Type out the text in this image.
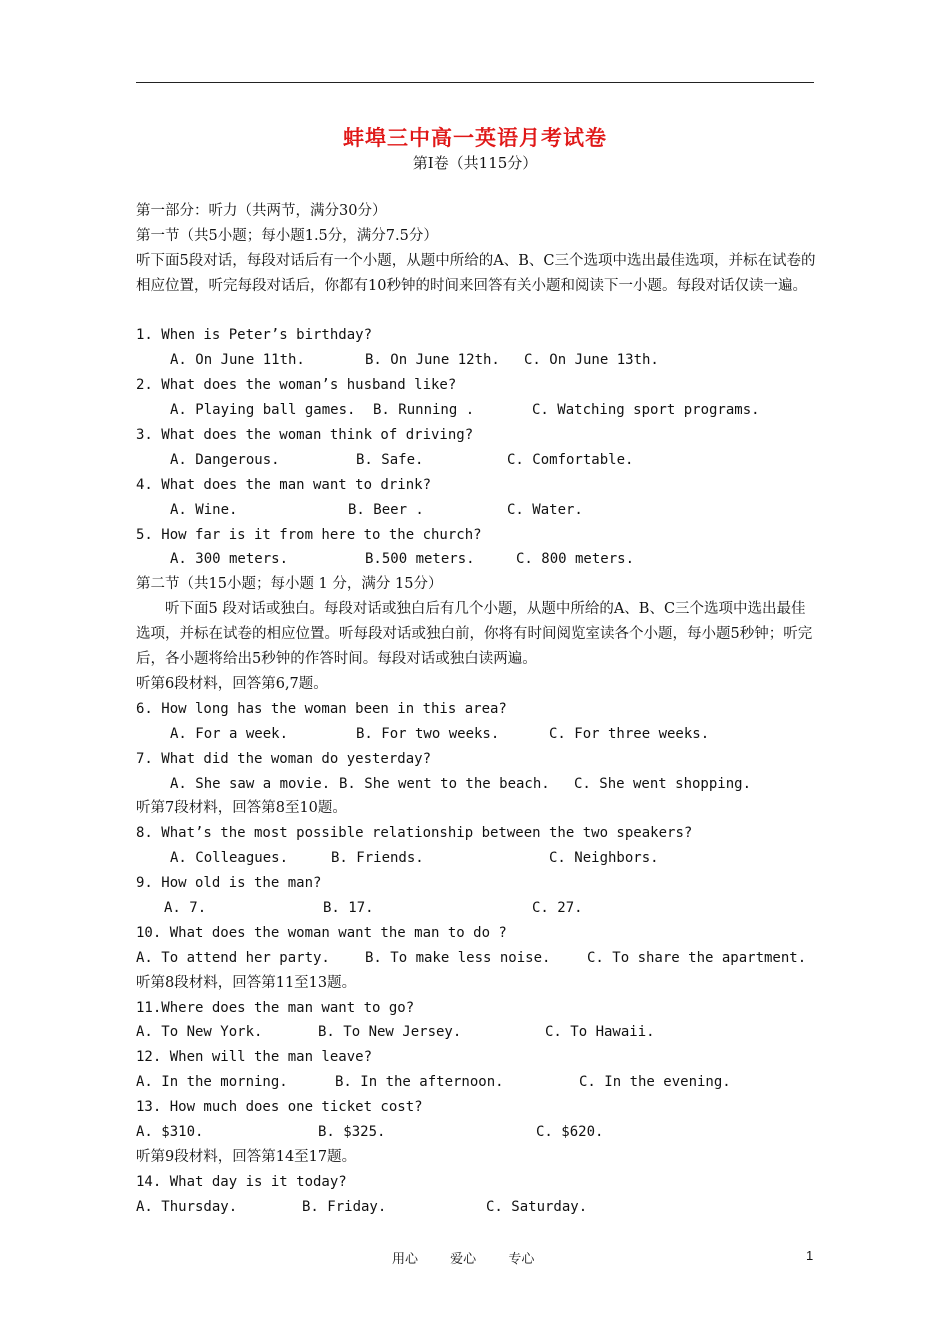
蚌埠三中高一英语月考试卷
第Ⅰ卷（共115分）
第一部分：听力（共两节，满分30分）
第一节（共5小题；每小题1.5分，满分7.5分）
听下面5段对话，每段对话后有一个小题，从题中所给的A、B、C三个选项中选出最佳选项，并标在试卷的相应位置，听完每段对话后，你都有10秒钟的时间来回答有关小题和阅读下一小题。每段对话仅读一遍。
1. When is Peter’s birthday?
A. On June 11th.	B. On June 12th. C. On June 13th.
2. What does the woman’s husband like?
A. Playing ball games. B. Running .	C. Watching sport programs.
3. What does the woman think of driving?
A. Dangerous.	B. Safe.	C. Comfortable.
4. What does the man want to drink?
A. Wine.	B. Beer .	C. Water.
5. How far is it from here to the church?
A. 300 meters.	B.500 meters.	C. 800 meters.
第二节（共15小题；每小题 1 分，满分 15分）
听下面5 段对话或独白。每段对话或独白后有几个小题，从题中所给的A、B、C三个选项中选出最佳选项，并标在试卷的相应位置。听每段对话或独白前，你将有时间阅览室读各个小题，每小题5秒钟；听完后，各小题将给出5秒钟的作答时间。每段对话或独白读两遍。
听第6段材料，回答第6,7题。
6. How long has the woman been in this area?
A. For a week.	B. For two weeks.	C. For three weeks.
7. What did the woman do yesterday?
A. She saw a movie. B. She went to the beach. C. She went shopping.
听第7段材料，回答第8至10题。
8. What’s the most possible relationship between the two speakers?
A. Colleagues.	B. Friends.	C. Neighbors.
9. How old is the man?
A. 7.	B. 17.	C. 27.
10. What does the woman want the man to do ?
A. To attend her party.	B. To make less noise.	C. To share the apartment.
听第8段材料，回答第11至13题。
11.Where does the man want to go?
A. To New York.	B. To New Jersey.	C. To Hawaii.
12. When will the man leave?
A. In the morning.	B. In the afternoon.	C. In the evening.
13. How much does one ticket cost?
A. $310.	B. $325.	C. $620.
听第9段材料，回答第14至17题。
14. What day is it today?
A. Thursday.	B. Friday.	C. Saturday.
用心 爱心 专心	1
